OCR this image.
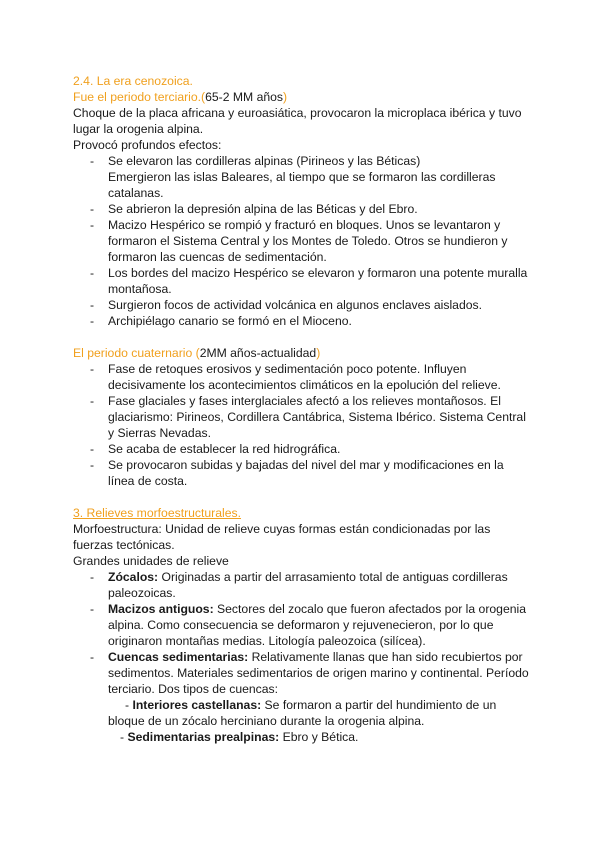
2.4. La era cenozoica.
Fue el periodo terciario.(65-2 MM años)
Choque de la placa africana y euroasiática, provocaron la microplaca ibérica y tuvo lugar la orogenia alpina.
Provocó profundos efectos:
- Se elevaron las cordilleras alpinas (Pirineos y las Béticas)
Emergieron las islas Baleares, al tiempo que se formaron las cordilleras catalanas.
- Se abrieron la depresión alpina de las Béticas y del Ebro.
- Macizo Hespérico se rompió y fracturó en bloques. Unos se levantaron y formaron el Sistema Central y los Montes de Toledo. Otros se hundieron y formaron las cuencas de sedimentación.
- Los bordes del macizo Hespérico se elevaron y formaron una potente muralla montañosa.
- Surgieron focos de actividad volcánica en algunos enclaves aislados.
- Archipiélago canario se formó en el Mioceno.
El periodo cuaternario (2MM años-actualidad)
- Fase de retoques erosivos y sedimentación poco potente. Influyen decisivamente los acontecimientos climáticos en la epolución del relieve.
- Fase glaciales y fases interglaciales afectó a los relieves montañosos. El glaciarismo: Pirineos, Cordillera Cantábrica, Sistema Ibérico. Sistema Central y Sierras Nevadas.
- Se acaba de establecer la red hidrográfica.
- Se provocaron subidas y bajadas del nivel del mar y modificaciones en la línea de costa.
3. Relieves morfoestructurales.
Morfoestructura: Unidad de relieve cuyas formas están condicionadas por las fuerzas tectónicas.
Grandes unidades de relieve
- Zócalos: Originadas a partir del arrasamiento total de antiguas cordilleras paleozoicas.
- Macizos antiguos: Sectores del zocalo que fueron afectados por la orogenia alpina. Como consecuencia se deformaron y rejuvenecieron, por lo que originaron montañas medias. Litología paleozoica (silícea).
- Cuencas sedimentarias: Relativamente llanas que han sido recubiertos por sedimentos. Materiales sedimentarios de origen marino y continental. Período terciario. Dos tipos de cuencas:
- Interiores castellanas: Se formaron a partir del hundimiento de un bloque de un zócalo herciniano durante la orogenia alpina.
- Sedimentarias prealpinas: Ebro y Bética.
